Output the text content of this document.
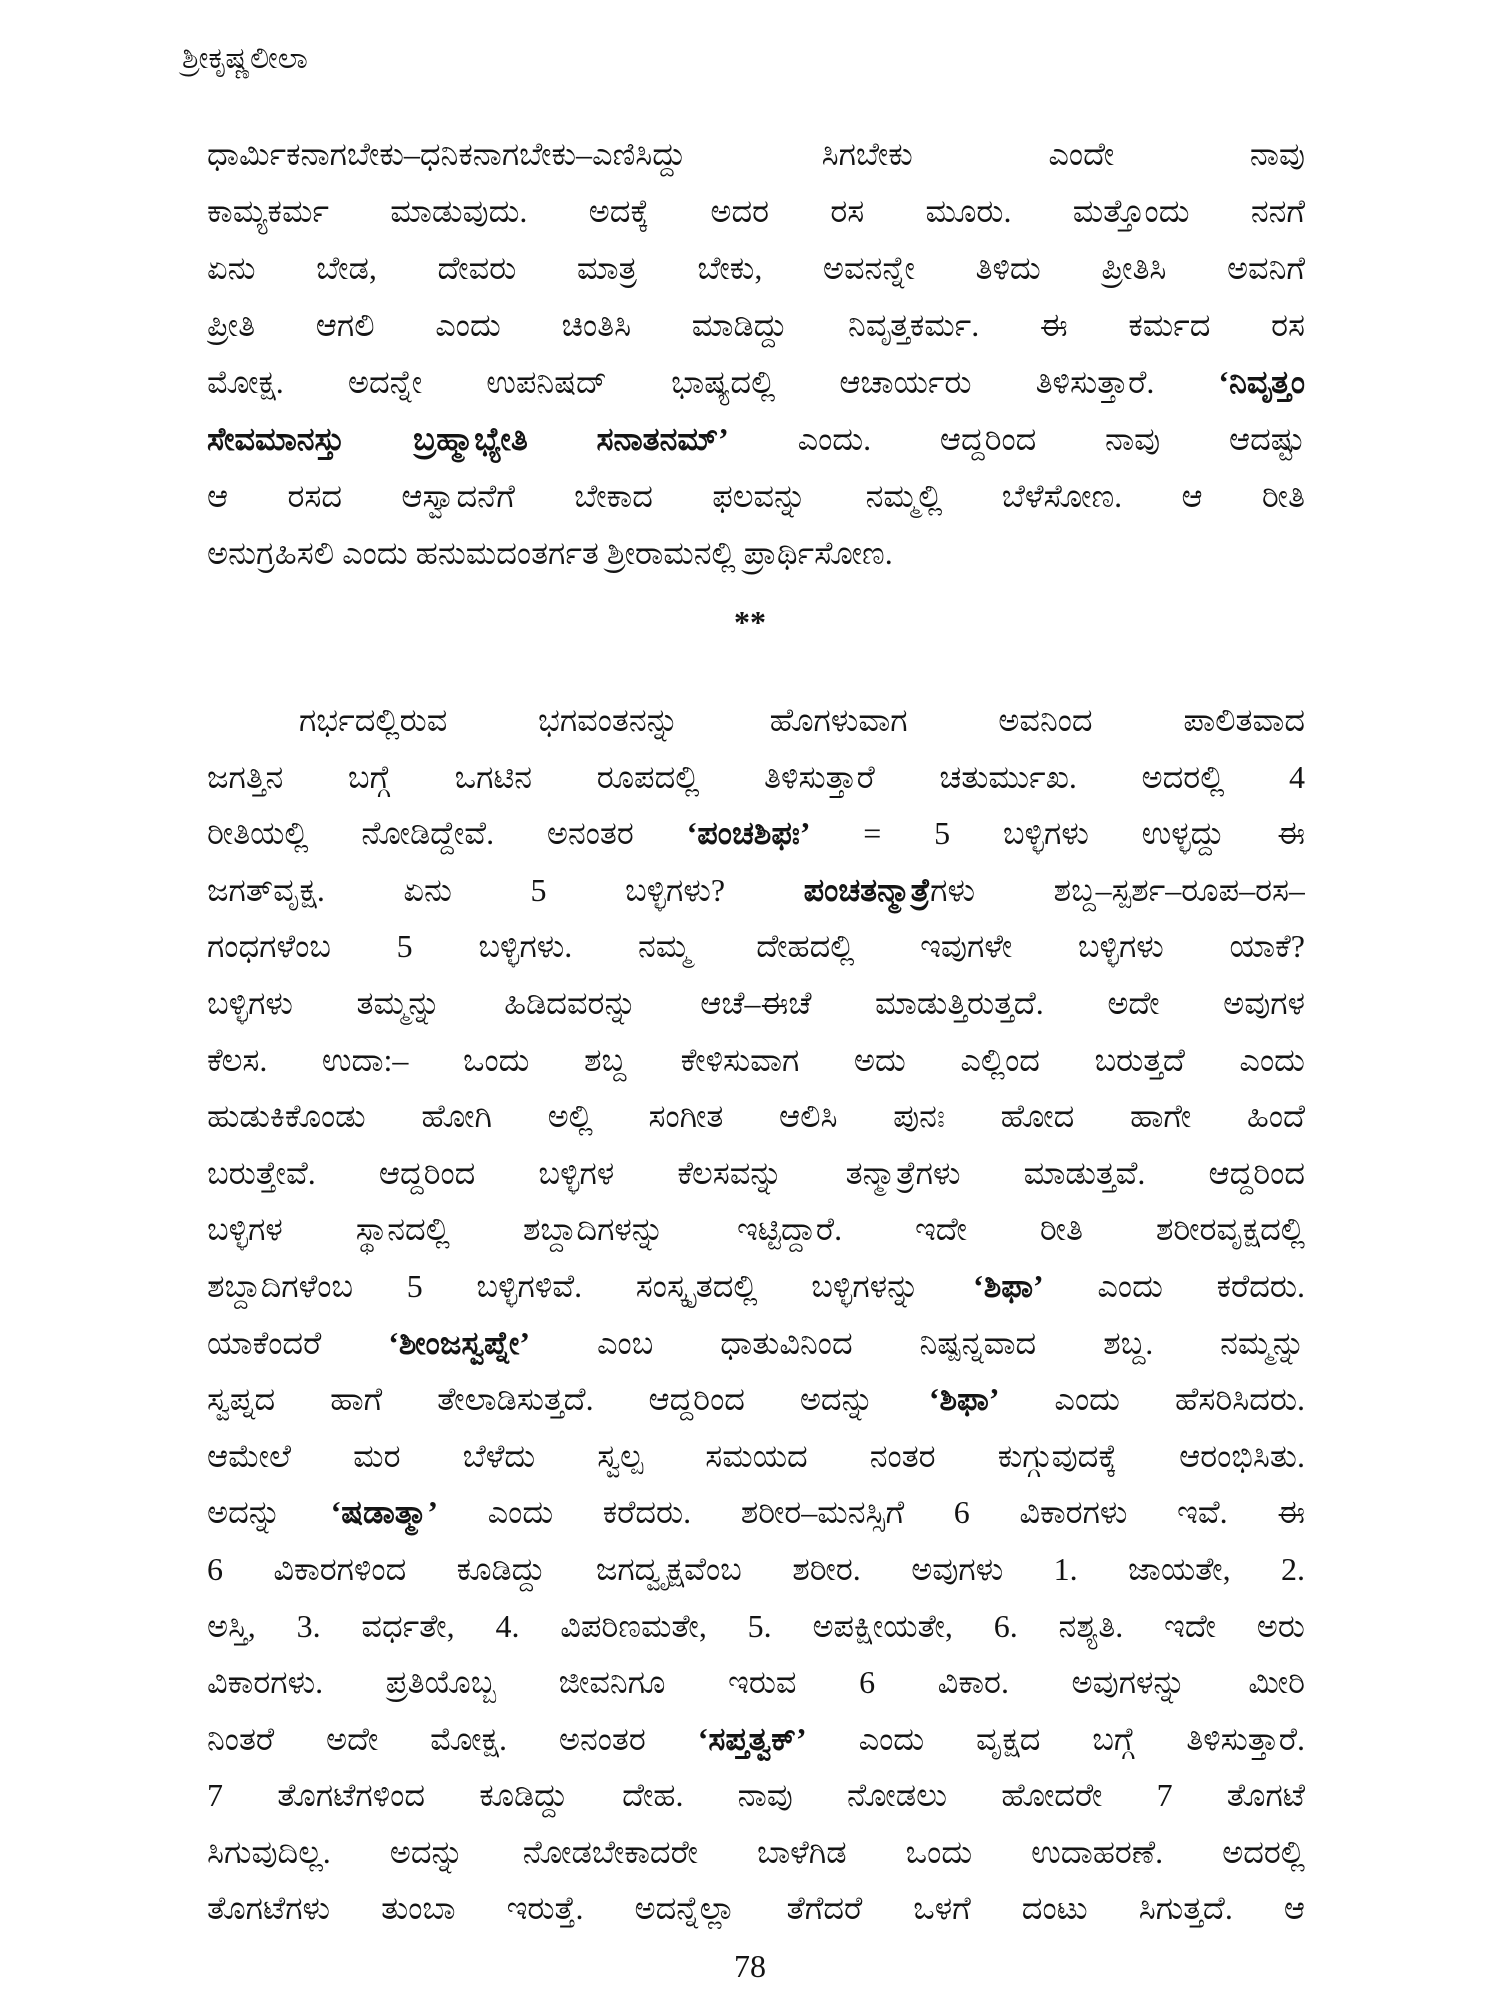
ಶ್ರೀಕೃಷ್ಣಲೀಲಾ
ಧಾರ್ಮಿಕನಾಗಬೇಕು–ಧನಿಕನಾಗಬೇಕು–ಎಣಿಸಿದ್ದು ಸಿಗಬೇಕು ಎಂದೇ ನಾವು
ಕಾಮ್ಯಕರ್ಮ ಮಾಡುವುದು. ಅದಕ್ಕೆ ಅದರ ರಸ ಮೂರು. ಮತ್ತೊಂದು ನನಗೆ
ಏನು ಬೇಡ, ದೇವರು ಮಾತ್ರ ಬೇಕು, ಅವನನ್ನೇ ತಿಳಿದು ಪ್ರೀತಿಸಿ ಅವನಿಗೆ
ಪ್ರೀತಿ ಆಗಲಿ ಎಂದು ಚಿಂತಿಸಿ ಮಾಡಿದ್ದು ನಿವೃತ್ತಕರ್ಮ. ಈ ಕರ್ಮದ ರಸ
ಮೋಕ್ಷ. ಅದನ್ನೇ ಉಪನಿಷದ್ ಭಾಷ್ಯದಲ್ಲಿ ಆಚಾರ್ಯರು ತಿಳಿಸುತ್ತಾರೆ. ‘ನಿವೃತ್ತಂ
ಸೇವಮಾನಸ್ತು ಬ್ರಹ್ಮಾಭ್ಯೇತಿ ಸನಾತನಮ್’ ಎಂದು. ಆದ್ದರಿಂದ ನಾವು ಆದಷ್ಟು
ಆ ರಸದ ಆಸ್ವಾದನೆಗೆ ಬೇಕಾದ ಫಲವನ್ನು ನಮ್ಮಲ್ಲಿ ಬೆಳೆಸೋಣ. ಆ ರೀತಿ
ಅನುಗ್ರಹಿಸಲಿ ಎಂದು ಹನುಮದಂತರ್ಗತ ಶ್ರೀರಾಮನಲ್ಲಿ ಪ್ರಾರ್ಥಿಸೋಣ.
**
ಗರ್ಭದಲ್ಲಿರುವ ಭಗವಂತನನ್ನು ಹೊಗಳುವಾಗ ಅವನಿಂದ ಪಾಲಿತವಾದ
ಜಗತ್ತಿನ ಬಗ್ಗೆ ಒಗಟಿನ ರೂಪದಲ್ಲಿ ತಿಳಿಸುತ್ತಾರೆ ಚತುರ್ಮುಖ. ಅದರಲ್ಲಿ 4
ರೀತಿಯಲ್ಲಿ ನೋಡಿದ್ದೇವೆ. ಅನಂತರ ‘ಪಂಚಶಿಫಃ’ = 5 ಬಳ್ಳಿಗಳು ಉಳ್ಳದ್ದು ಈ
ಜಗತ್‌ವೃಕ್ಷ. ಏನು 5 ಬಳ್ಳಿಗಳು? ಪಂಚತನ್ಮಾತ್ರೆಗಳು ಶಬ್ದ–ಸ್ಪರ್ಶ–ರೂಪ–ರಸ–
ಗಂಧಗಳೆಂಬ 5 ಬಳ್ಳಿಗಳು. ನಮ್ಮ ದೇಹದಲ್ಲಿ ಇವುಗಳೇ ಬಳ್ಳಿಗಳು ಯಾಕೆ?
ಬಳ್ಳಿಗಳು ತಮ್ಮನ್ನು ಹಿಡಿದವರನ್ನು ಆಚೆ–ಈಚೆ ಮಾಡುತ್ತಿರುತ್ತದೆ. ಅದೇ ಅವುಗಳ
ಕೆಲಸ. ಉದಾ:– ಒಂದು ಶಬ್ದ ಕೇಳಿಸುವಾಗ ಅದು ಎಲ್ಲಿಂದ ಬರುತ್ತದೆ ಎಂದು
ಹುಡುಕಿಕೊಂಡು ಹೋಗಿ ಅಲ್ಲಿ ಸಂಗೀತ ಆಲಿಸಿ ಪುನಃ ಹೋದ ಹಾಗೇ ಹಿಂದೆ
ಬರುತ್ತೇವೆ. ಆದ್ದರಿಂದ ಬಳ್ಳಿಗಳ ಕೆಲಸವನ್ನು ತನ್ಮಾತ್ರೆಗಳು ಮಾಡುತ್ತವೆ. ಆದ್ದರಿಂದ
ಬಳ್ಳಿಗಳ ಸ್ಥಾನದಲ್ಲಿ ಶಬ್ದಾದಿಗಳನ್ನು ಇಟ್ಟಿದ್ದಾರೆ. ಇದೇ ರೀತಿ ಶರೀರವೃಕ್ಷದಲ್ಲಿ
ಶಬ್ದಾದಿಗಳೆಂಬ 5 ಬಳ್ಳಿಗಳಿವೆ. ಸಂಸ್ಕೃತದಲ್ಲಿ ಬಳ್ಳಿಗಳನ್ನು ‘ಶಿಫಾ’ ಎಂದು ಕರೆದರು.
ಯಾಕೆಂದರೆ ‘ಶೀಂಜಸ್ವಪ್ನೇ’ ಎಂಬ ಧಾತುವಿನಿಂದ ನಿಷ್ಪನ್ನವಾದ ಶಬ್ದ. ನಮ್ಮನ್ನು
ಸ್ವಪ್ನದ ಹಾಗೆ ತೇಲಾಡಿಸುತ್ತದೆ. ಆದ್ದರಿಂದ ಅದನ್ನು ‘ಶಿಫಾ’ ಎಂದು ಹೆಸರಿಸಿದರು.
ಆಮೇಲೆ ಮರ ಬೆಳೆದು ಸ್ವಲ್ಪ ಸಮಯದ ನಂತರ ಕುಗ್ಗುವುದಕ್ಕೆ ಆರಂಭಿಸಿತು.
ಅದನ್ನು ‘ಷಡಾತ್ಮಾ’ ಎಂದು ಕರೆದರು. ಶರೀರ–ಮನಸ್ಸಿಗೆ 6 ವಿಕಾರಗಳು ಇವೆ. ಈ
6 ವಿಕಾರಗಳಿಂದ ಕೂಡಿದ್ದು ಜಗದ್ವೃಕ್ಷವೆಂಬ ಶರೀರ. ಅವುಗಳು 1. ಜಾಯತೇ, 2.
ಅಸ್ತಿ, 3. ವರ್ಧತೇ, 4. ವಿಪರಿಣಮತೇ, 5. ಅಪಕ್ಷೀಯತೇ, 6. ನಶ್ಯತಿ. ಇದೇ ಅರು
ವಿಕಾರಗಳು. ಪ್ರತಿಯೊಬ್ಬ ಜೀವನಿಗೂ ಇರುವ 6 ವಿಕಾರ. ಅವುಗಳನ್ನು ಮೀರಿ
ನಿಂತರೆ ಅದೇ ಮೋಕ್ಷ. ಅನಂತರ ‘ಸಪ್ತತ್ವಕ್’ ಎಂದು ವೃಕ್ಷದ ಬಗ್ಗೆ ತಿಳಿಸುತ್ತಾರೆ.
7 ತೊಗಟೆಗಳಿಂದ ಕೂಡಿದ್ದು ದೇಹ. ನಾವು ನೋಡಲು ಹೋದರೇ 7 ತೊಗಟೆ
ಸಿಗುವುದಿಲ್ಲ. ಅದನ್ನು ನೋಡಬೇಕಾದರೇ ಬಾಳೆಗಿಡ ಒಂದು ಉದಾಹರಣೆ. ಅದರಲ್ಲಿ
ತೊಗಟೆಗಳು ತುಂಬಾ ಇರುತ್ತೆ. ಅದನ್ನೆಲ್ಲಾ ತೆಗೆದರೆ ಒಳಗೆ ದಂಟು ಸಿಗುತ್ತದೆ. ಆ
78
